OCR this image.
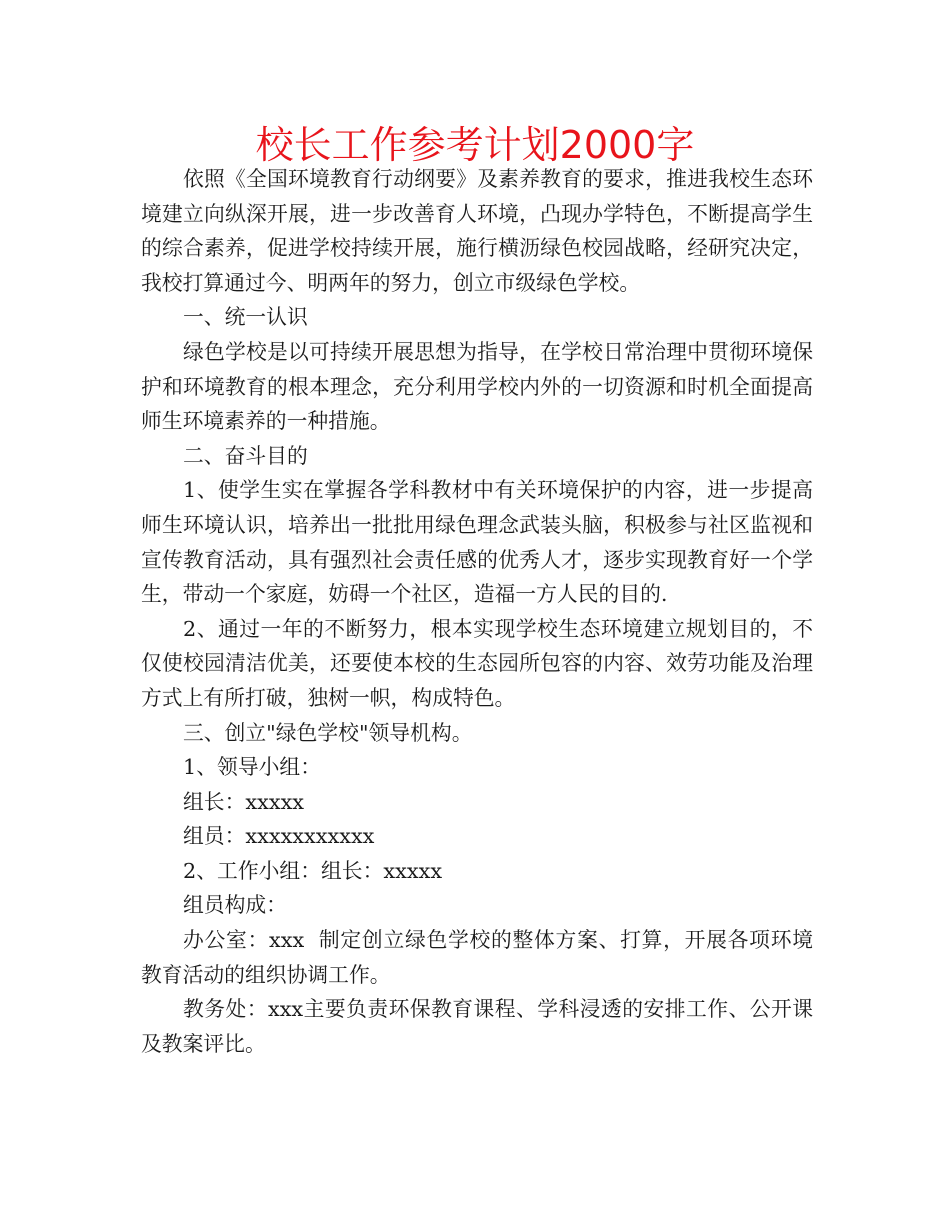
校长工作参考计划2000字

依照《全国环境教育行动纲要》及素养教育的要求，推进我校生态环境建立向纵深开展，进一步改善育人环境，凸现办学特色，不断提高学生的综合素养，促进学校持续开展，施行横沥绿色校园战略，经研究决定，我校打算通过今、明两年的努力，创立市级绿色学校。

一、统一认识

绿色学校是以可持续开展思想为指导，在学校日常治理中贯彻环境保护和环境教育的根本理念，充分利用学校内外的一切资源和时机全面提高师生环境素养的一种措施。

二、奋斗目的

1、使学生实在掌握各学科教材中有关环境保护的内容，进一步提高师生环境认识，培养出一批批用绿色理念武装头脑，积极参与社区监视和宣传教育活动，具有强烈社会责任感的优秀人才，逐步实现教育好一个学生，带动一个家庭，妨碍一个社区，造福一方人民的目的.

2、通过一年的不断努力，根本实现学校生态环境建立规划目的，不仅使校园清洁优美，还要使本校的生态园所包容的内容、效劳功能及治理方式上有所打破，独树一帜，构成特色。

三、创立"绿色学校"领导机构。

1、领导小组：

组长：xxxxx

组员：xxxxxxxxxxx

2、工作小组：组长：xxxxx

组员构成：

办公室：xxx  制定创立绿色学校的整体方案、打算，开展各项环境教育活动的组织协调工作。

教务处：xxx主要负责环保教育课程、学科浸透的安排工作、公开课及教案评比。
